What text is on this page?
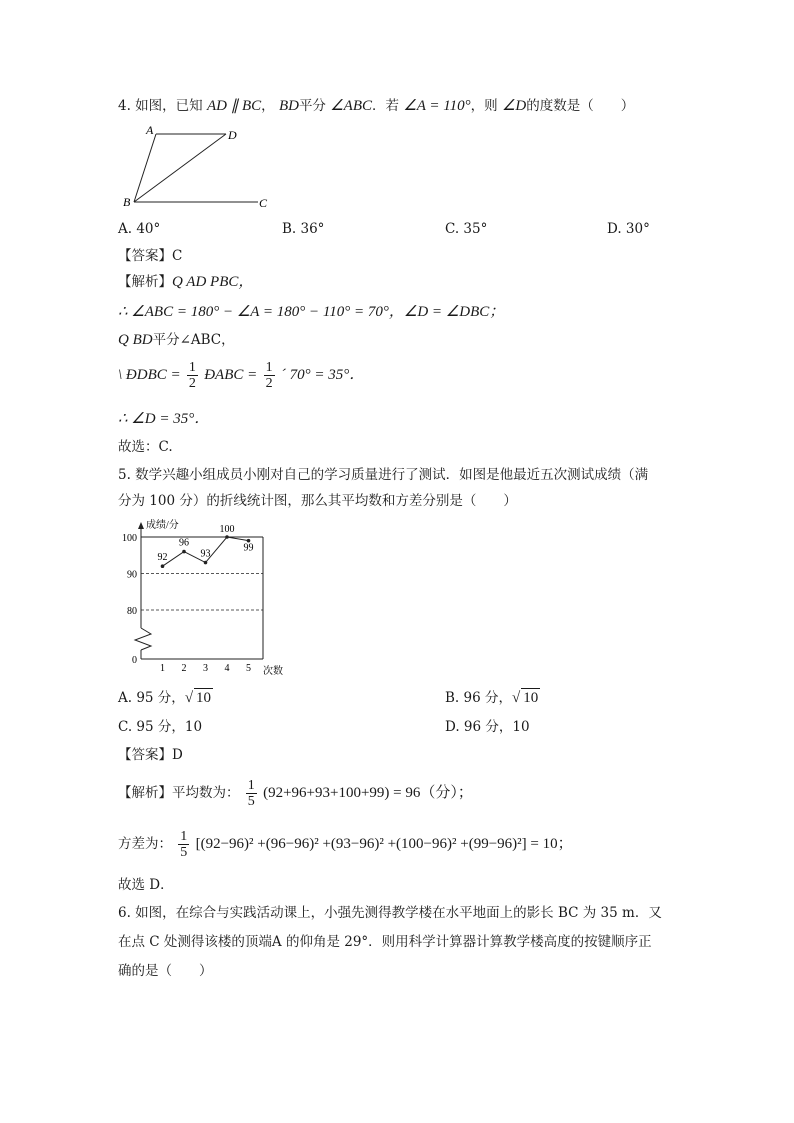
4. 如图，已知 AD ∥ BC， BD平分 ∠ABC．若 ∠A = 110°，则 ∠D的度数是（　　）
A	D
B	C
A. 40°	B. 36°	C. 35°	D. 30°
【答案】C
【解析】Q AD PBC，
∴ ∠ABC = 180° − ∠A = 180° − 110° = 70°，∠D = ∠DBC；
Q BD平分∠ABC，
\ ÐDBC = $\frac{1}{2}$ ÐABC = $\frac{1}{2}$ ´ 70° = 35°．
∴ ∠D = 35°．
故选：C.
5. 数学兴趣小组成员小刚对自己的学习质量进行了测试．如图是他最近五次测试成绩（满
分为 100 分）的折线统计图，那么其平均数和方差分别是（　　）
成绩/分
次数
0
80
90
100
1 2 3 4 5
92
96
93
100
99
A. 95 分，√ 10	B. 96 分，√ 10
C. 95 分，10	D. 96 分，10
【答案】D
【解析】平均数为： $\frac{1}{5} (92+96+93+100+99) = 96$（分）；
方差为： $\frac{1}{5} [(92-96)^2 +(96-96)^2 +(93-96)^2 +(100-96)^2 +(99-96)^2] = 10$；
故选 D．
6. 如图，在综合与实践活动课上，小强先测得教学楼在水平地面上的影长 BC 为 35 m．又
在点 C 处测得该楼的顶端A 的仰角是 29°．则用科学计算器计算教学楼高度的按键顺序正
确的是（　　）
